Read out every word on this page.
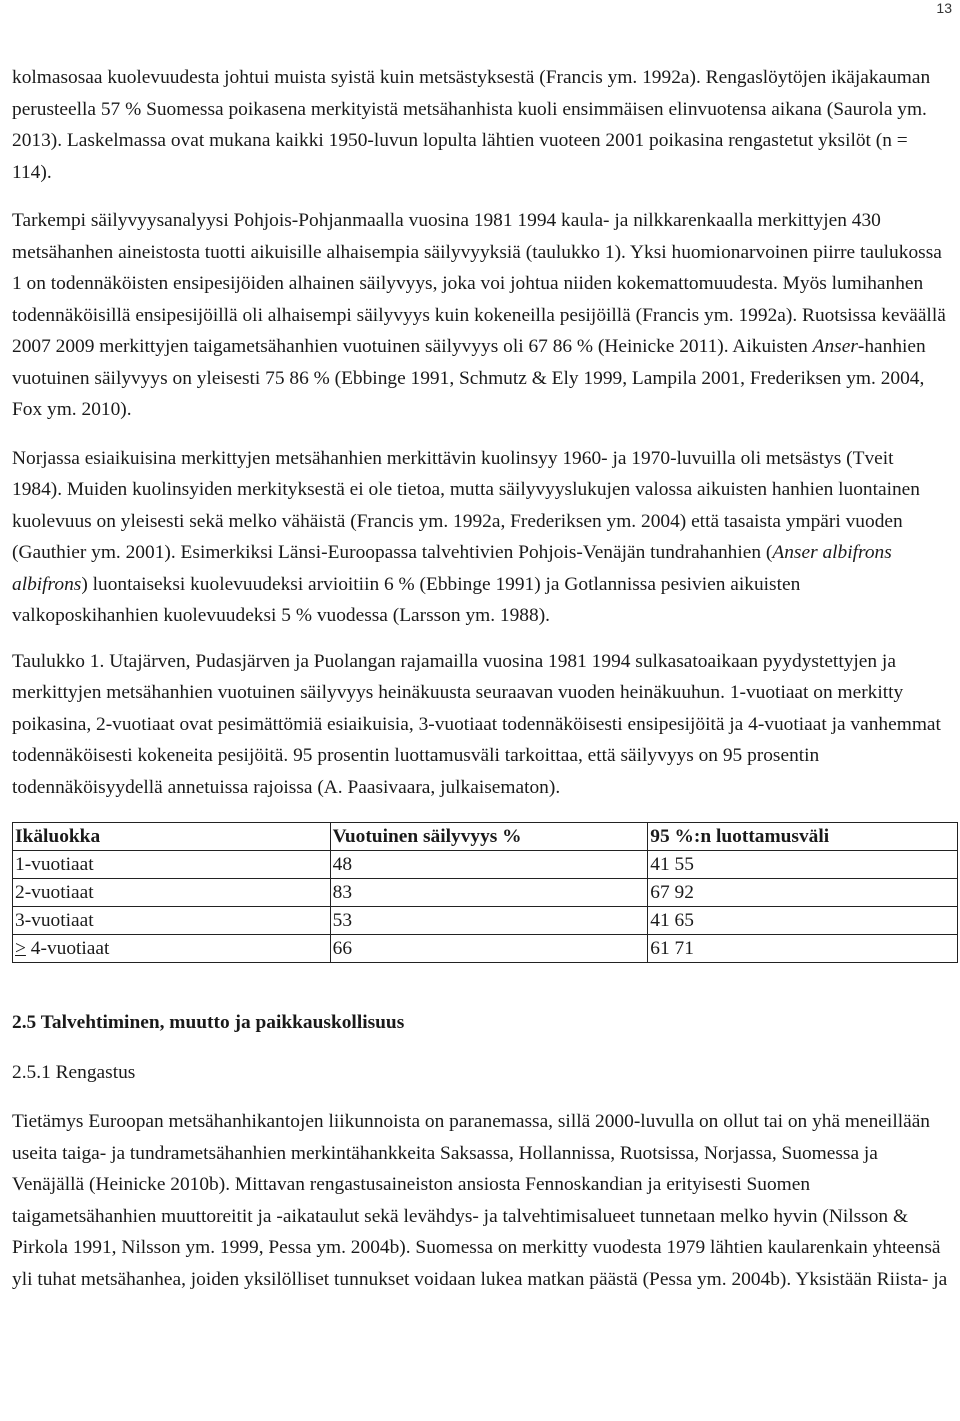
13

kolmasosaa kuolevuudesta johtui muista syistä kuin metsästyksestä (Francis ym. 1992a). Rengaslöytöjen ikäjakauman perusteella 57 % Suomessa poikasena merkityistä metsähanhista kuoli ensimmäisen elinvuotensa aikana (Saurola ym. 2013). Laskelmassa ovat mukana kaikki 1950-luvun lopulta lähtien vuoteen 2001 poikasina rengastetut yksilöt (n = 114).

Tarkempi säilyvyysanalyysi Pohjois-Pohjanmaalla vuosina 1981 1994 kaula- ja nilkkarenkaalla merkittyjen 430 metsähanhen aineistosta tuotti aikuisille alhaisempia säilyvyyksiä (taulukko 1). Yksi huomionarvoinen piirre taulukossa 1 on todennäköisten ensipesijöiden alhainen säilyvyys, joka voi johtua niiden kokemattomuudesta. Myös lumihanhen todennäköisillä ensipesijöillä oli alhaisempi säilyvyys kuin kokeneilla pesijöillä (Francis ym. 1992a). Ruotsissa keväällä 2007 2009 merkittyjen taigametsähanhien vuotuinen säilyvyys oli 67 86 % (Heinicke 2011). Aikuisten Anser-hanhien vuotuinen säilyvyys on yleisesti 75 86 % (Ebbinge 1991, Schmutz & Ely 1999, Lampila 2001, Frederiksen ym. 2004, Fox ym. 2010).

Norjassa esiaikuisina merkittyjen metsähanhien merkittävin kuolinsyy 1960- ja 1970-luvuilla oli metsästys (Tveit 1984). Muiden kuolinsyiden merkityksestä ei ole tietoa, mutta säilyvyyslukujen valossa aikuisten hanhien luontainen kuolevuus on yleisesti sekä melko vähäistä (Francis ym. 1992a, Frederiksen ym. 2004) että tasaista ympäri vuoden (Gauthier ym. 2001). Esimerkiksi Länsi-Euroopassa talvehtivien Pohjois-Venäjän tundrahanhien (Anser albifrons albifrons) luontaiseksi kuolevuudeksi arvioitiin 6 % (Ebbinge 1991) ja Gotlannissa pesivien aikuisten valkoposkihanhien kuolevuudeksi 5 % vuodessa (Larsson ym. 1988).

Taulukko 1. Utajärven, Pudasjärven ja Puolangan rajamailla vuosina 1981 1994 sulkasatoaikaan pyydystettyjen ja merkittyjen metsähanhien vuotuinen säilyvyys heinäkuusta seuraavan vuoden heinäkuuhun. 1-vuotiaat on merkitty poikasina, 2-vuotiaat ovat pesimättömiä esiaikuisia, 3-vuotiaat todennäköisesti ensipesijöitä ja 4-vuotiaat ja vanhemmat todennäköisesti kokeneita pesijöitä. 95 prosentin luottamusväli tarkoittaa, että säilyvyys on 95 prosentin todennäköisyydellä annetuissa rajoissa (A. Paasivaara, julkaisematon).

Ikäluokka	Vuotuinen säilyvyys %	95 %:n luottamusväli
1-vuotiaat	48	41 55
2-vuotiaat	83	67 92
3-vuotiaat	53	41 65
≥ 4-vuotiaat	66	61 71
2.5 Talvehtiminen, muutto ja paikkauskollisuus
2.5.1 Rengastus

Tietämys Euroopan metsähanhikantojen liikunnoista on paranemassa, sillä 2000-luvulla on ollut tai on yhä meneillään useita taiga- ja tundrametsähanhien merkintähankkeita Saksassa, Hollannissa, Ruotsissa, Norjassa, Suomessa ja Venäjällä (Heinicke 2010b). Mittavan rengastusaineiston ansiosta Fennoskandian ja erityisesti Suomen taigametsähanhien muuttoreitit ja -aikataulut sekä levähdys- ja talvehtimisalueet tunnetaan melko hyvin (Nilsson & Pirkola 1991, Nilsson ym. 1999, Pessa ym. 2004b). Suomessa on merkitty vuodesta 1979 lähtien kaularenkain yhteensä yli tuhat metsähanhea, joiden yksilölliset tunnukset voidaan lukea matkan päästä (Pessa ym. 2004b). Yksistään Riista- ja
